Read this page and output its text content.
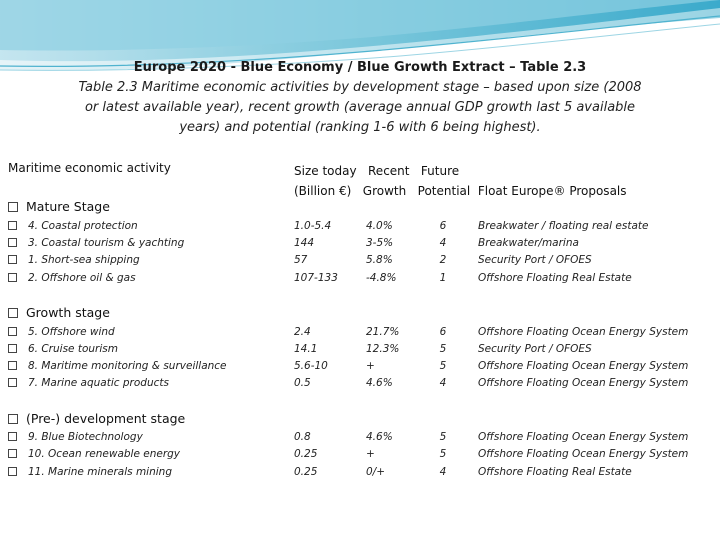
Europe 2020 - Blue Economy / Blue Growth Extract – Table 2.3
Table 2.3 Maritime economic activities by development stage – based upon size (2008 or latest available year), recent growth (average annual GDP growth last 5 available years) and potential (ranking 1-6 with 6 being highest).
Maritime economic activity	Size today   Recent   Future
(Billion €)   Growth   Potential  Float Europe® Proposals
Mature Stage
4. Coastal protection	1.0-5.4	4.0%	6	Breakwater / floating real estate
3. Coastal tourism & yachting	144	3-5%	4	Breakwater/marina
1. Short-sea shipping	57	5.8%	2	Security Port / OFOES
2. Offshore oil & gas	107-133	-4.8%	1	Offshore Floating Real Estate
Growth stage
5. Offshore wind	2.4	21.7%	6	Offshore Floating Ocean Energy System
6. Cruise tourism	14.1	12.3%	5	Security Port / OFOES
8. Maritime monitoring & surveillance	5.6-10	+	5	Offshore Floating Ocean Energy System
7. Marine aquatic products	0.5	4.6%	4	Offshore Floating Ocean Energy System
(Pre-) development stage
9. Blue Biotechnology	0.8	4.6%	5	Offshore Floating Ocean Energy System
10. Ocean renewable energy	0.25	+	5	Offshore Floating Ocean Energy System
11. Marine minerals mining	0.25	0/+	4	Offshore Floating Real Estate
